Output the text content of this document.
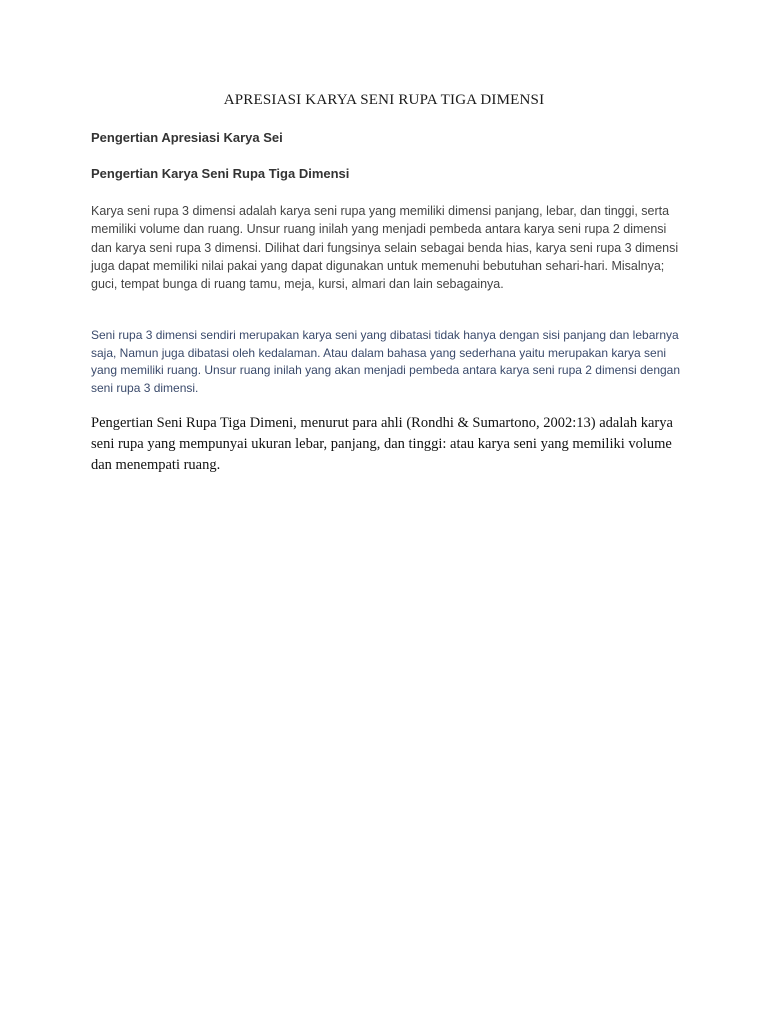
APRESIASI KARYA SENI RUPA TIGA DIMENSI

Pengertian Apresiasi Karya Sei

Pengertian Karya Seni Rupa Tiga Dimensi

Karya seni rupa 3 dimensi adalah karya seni rupa yang memiliki dimensi panjang, lebar, dan tinggi, serta memiliki volume dan ruang. Unsur ruang inilah yang menjadi pembeda antara karya seni rupa 2 dimensi dan karya seni rupa 3 dimensi. Dilihat dari fungsinya selain sebagai benda hias, karya seni rupa 3 dimensi juga dapat memiliki nilai pakai yang dapat digunakan untuk memenuhi bebutuhan sehari-hari. Misalnya; guci, tempat bunga di ruang tamu, meja, kursi, almari dan lain sebagainya.

Seni rupa 3 dimensi sendiri merupakan karya seni yang dibatasi tidak hanya dengan sisi panjang dan lebarnya saja, Namun juga dibatasi oleh kedalaman. Atau dalam bahasa yang sederhana yaitu merupakan karya seni yang memiliki ruang. Unsur ruang inilah yang akan menjadi pembeda antara karya seni rupa 2 dimensi dengan seni rupa 3 dimensi.

Pengertian Seni Rupa Tiga Dimeni, menurut para ahli (Rondhi & Sumartono, 2002:13) adalah karya seni rupa yang mempunyai ukuran lebar, panjang, dan tinggi: atau karya seni yang memiliki volume dan menempati ruang.
